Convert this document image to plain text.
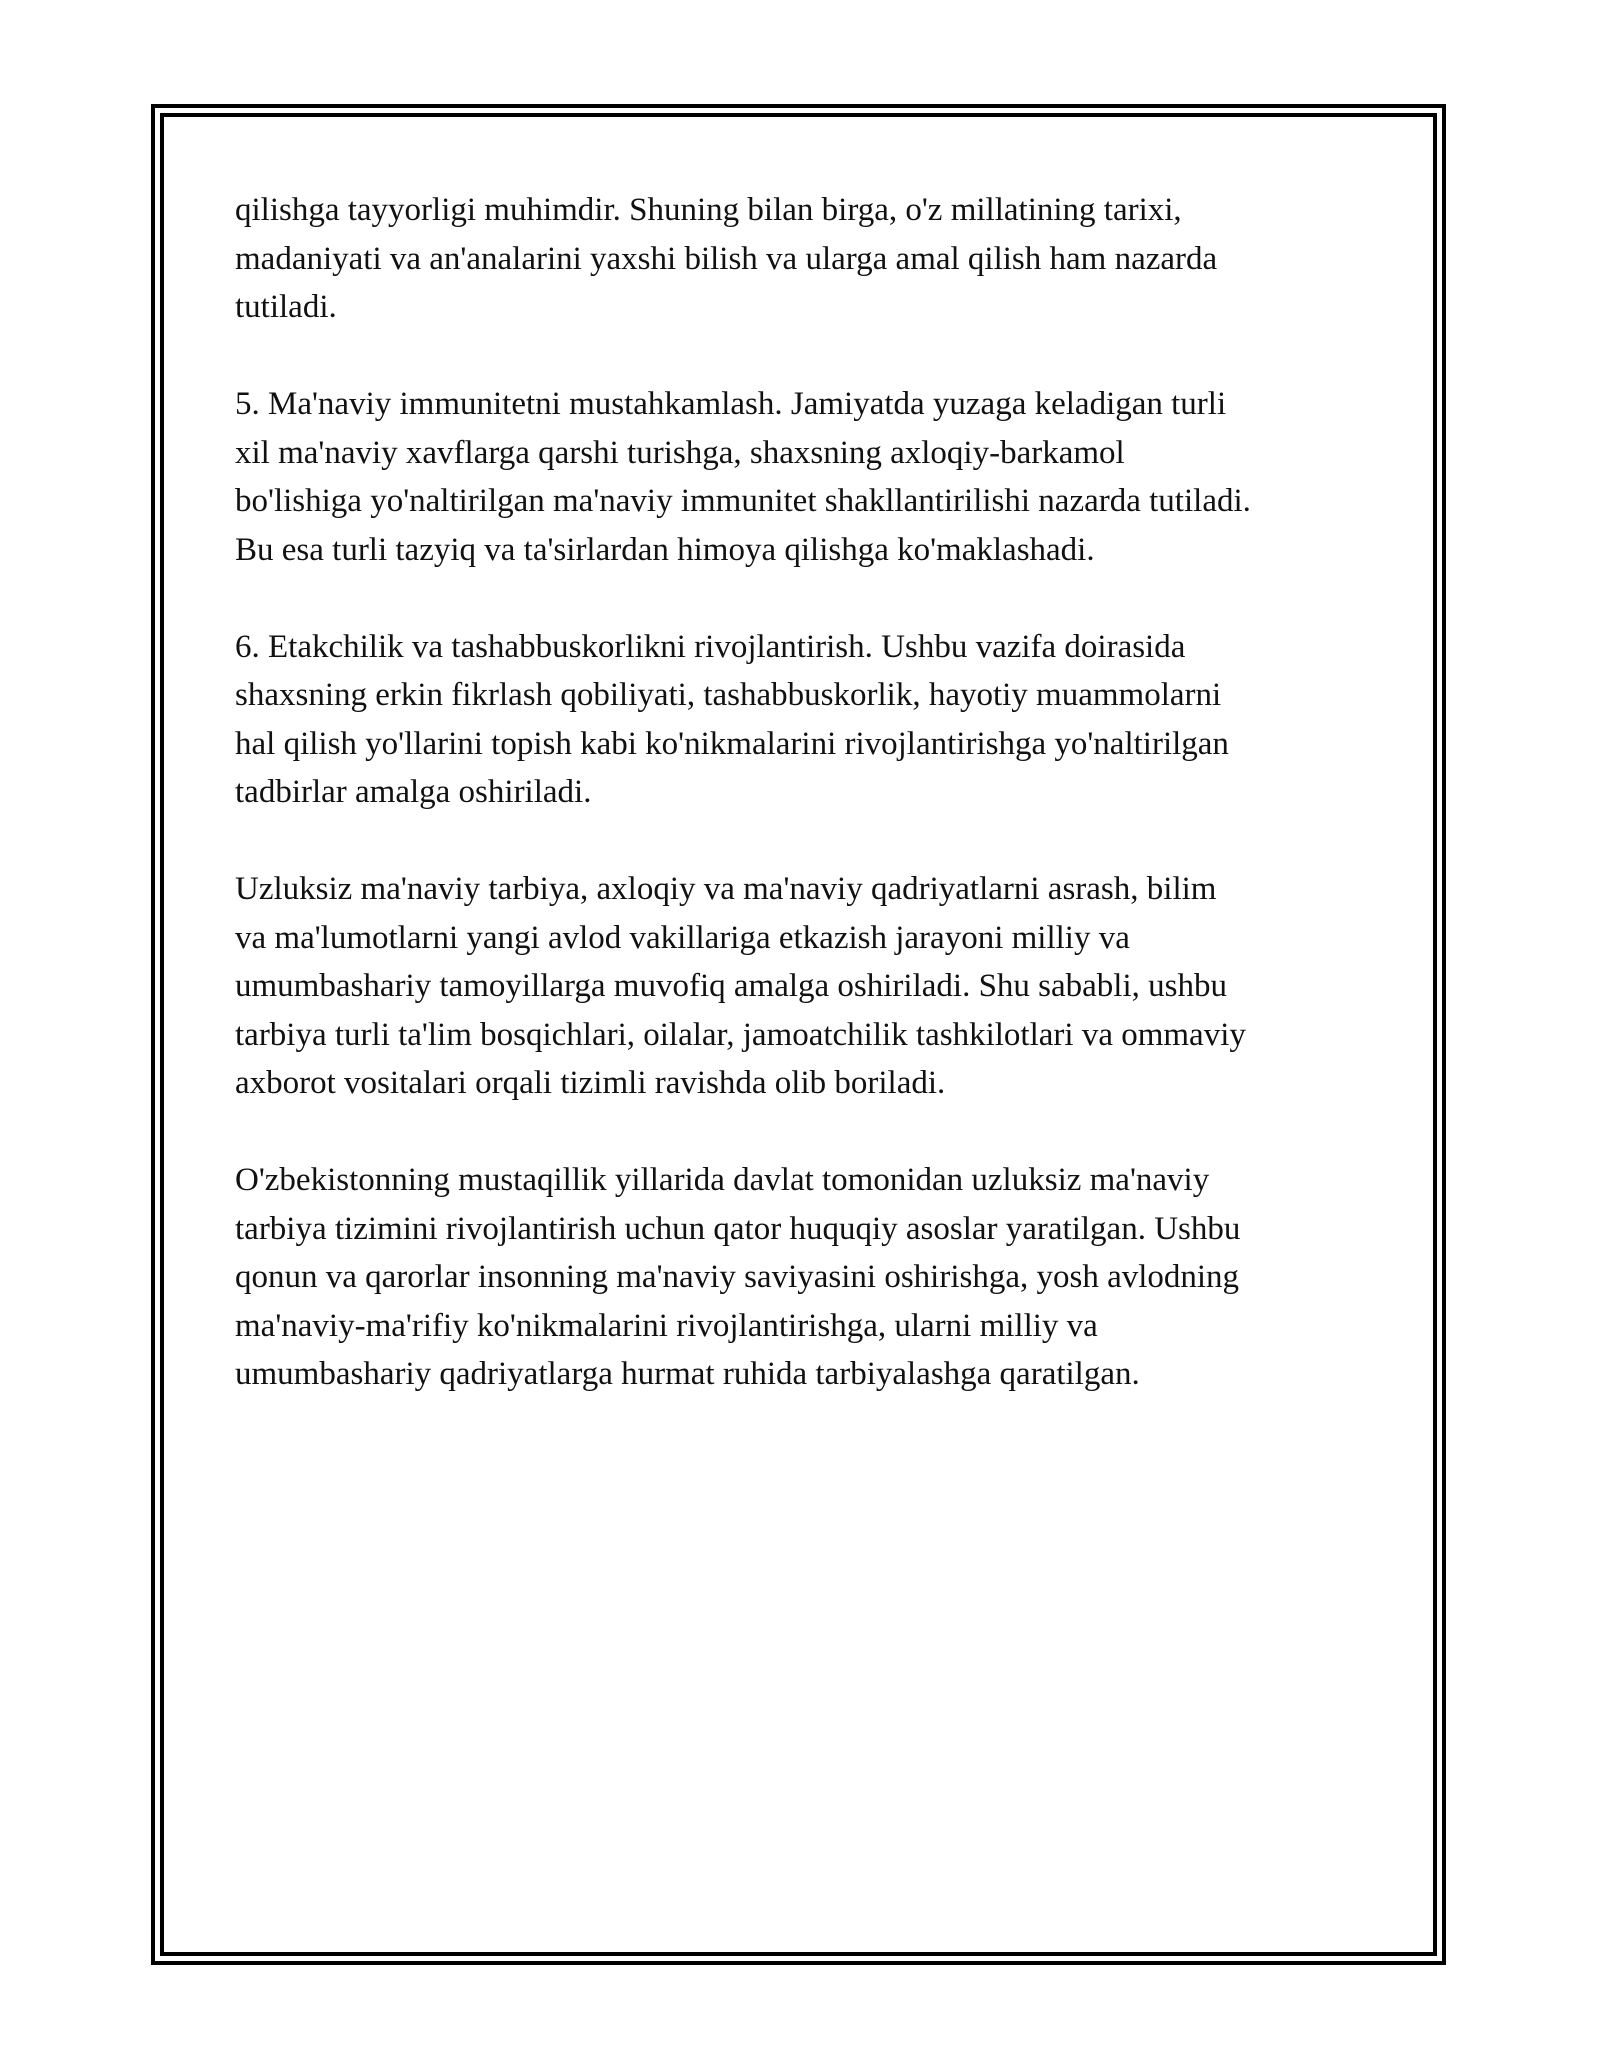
qilishga tayyorligi muhimdir. Shuning bilan birga, o'z millatining tarixi,
madaniyati va an'analarini yaxshi bilish va ularga amal qilish ham nazarda
tutiladi.

5. Ma'naviy immunitetni mustahkamlash. Jamiyatda yuzaga keladigan turli
xil ma'naviy xavflarga qarshi turishga, shaxsning axloqiy-barkamol
bo'lishiga yo'naltirilgan ma'naviy immunitet shakllantirilishi nazarda tutiladi.
Bu esa turli tazyiq va ta'sirlardan himoya qilishga ko'maklashadi.

6. Etakchilik va tashabbuskorlikni rivojlantirish. Ushbu vazifa doirasida
shaxsning erkin fikrlash qobiliyati, tashabbuskorlik, hayotiy muammolarni
hal qilish yo'llarini topish kabi ko'nikmalarini rivojlantirishga yo'naltirilgan
tadbirlar amalga oshiriladi.

Uzluksiz ma'naviy tarbiya, axloqiy va ma'naviy qadriyatlarni asrash, bilim
va ma'lumotlarni yangi avlod vakillariga etkazish jarayoni milliy va
umumbashariy tamoyillarga muvofiq amalga oshiriladi. Shu sababli, ushbu
tarbiya turli ta'lim bosqichlari, oilalar, jamoatchilik tashkilotlari va ommaviy
axborot vositalari orqali tizimli ravishda olib boriladi.

O'zbekistonning mustaqillik yillarida davlat tomonidan uzluksiz ma'naviy
tarbiya tizimini rivojlantirish uchun qator huquqiy asoslar yaratilgan. Ushbu
qonun va qarorlar insonning ma'naviy saviyasini oshirishga, yosh avlodning
ma'naviy-ma'rifiy ko'nikmalarini rivojlantirishga, ularni milliy va
umumbashariy qadriyatlarga hurmat ruhida tarbiyalashga qaratilgan.
